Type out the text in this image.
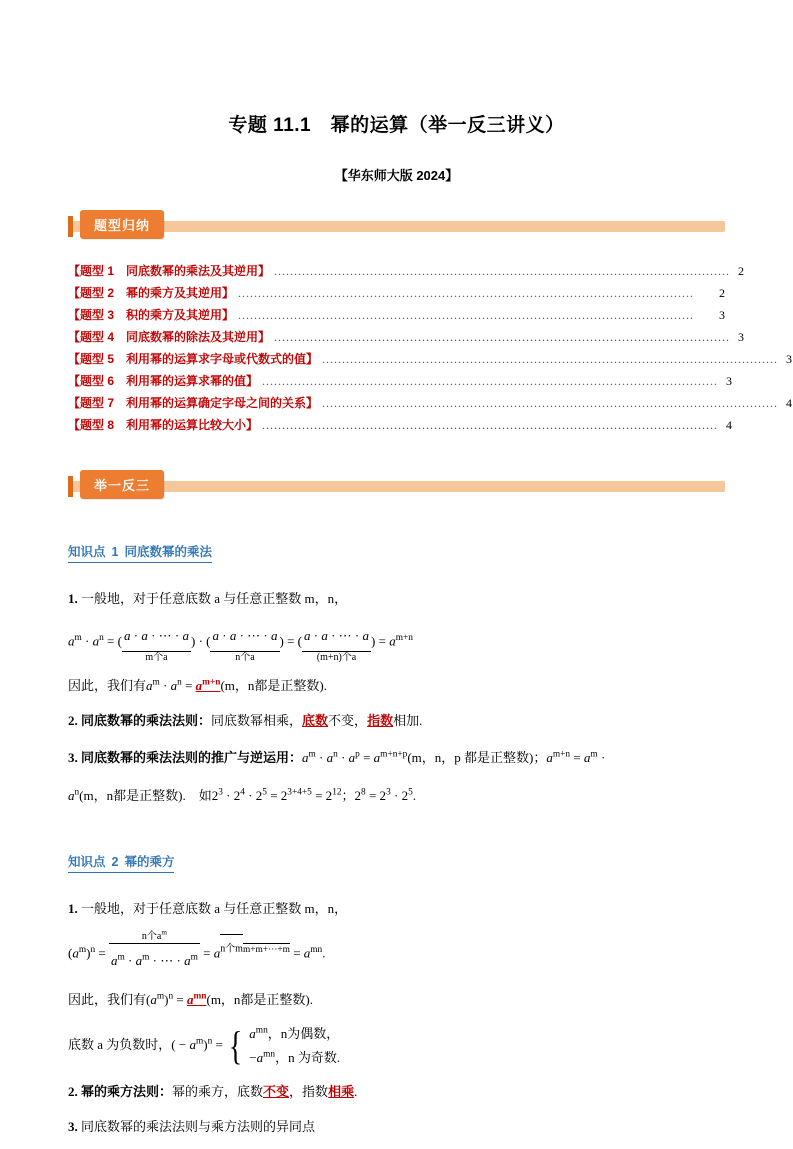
专题 11.1　幂的运算（举一反三讲义）
【华东师大版 2024】
题型归纳
【题型 1　同底数幂的乘法及其逆用】 .................................................................................................................. 2
【题型 2　幂的乘方及其逆用】 ..................................................................................................................	2
【题型 3　积的乘方及其逆用】 ..................................................................................................................	3
【题型 4　同底数幂的除法及其逆用】 .................................................................................................................. 3
【题型 5　利用幂的运算求字母或代数式的值】 .................................................................................................................. 3
【题型 6　利用幂的运算求幂的值】 .................................................................................................................. 3
【题型 7　利用幂的运算确定字母之间的关系】 .................................................................................................................. 4
【题型 8　利用幂的运算比较大小】 .................................................................................................................. 4
举一反三
知识点 1 同底数幂的乘法
1. 一般地，对于任意底数 a 与任意正整数 m，n，
$a^m \cdot a^n$ = ( a · a · ⋯ · a
m个a
) · ( a · a · ⋯ · a
n个a
) = ( a · a · ⋯ · a
(m+n)个a
) = $a^{m+n}$
因此，我们有$a^m \cdot a^n = a^{m+n}(m$，n都是正整数).
2. 同底数幂的乘法法则：同底数幂相乘，底数不变，指数相加.
3. 同底数幂的乘法法则的推广与逆运用：$a^m \cdot a^n \cdot a^p = a^{m+n+p}(m$，n，p 都是正整数)；$a^{m+n} = a^m$ ·
$a^n(m$，n都是正整数).　 如$2^3 \cdot 2^4 \cdot 2^5 = 2^{3+4+5} = 2^{12}$；$2^8 = 2^3 \cdot 2^5$.
知识点 2 幂的乘方
1. 一般地，对于任意底数 a 与任意正整数 m，n，
$(a^m)^n$ =
n个$a^m$
$a^m \cdot a^m$ · ⋯ · $a^m = a^{n个mm+m+\cdots+m} = a^{mn}$.
因此，我们有$(a^m)^n = a^{mn}(m$，n都是正整数).
底数 a 为负数时，( − $a^m)^n$ = { $a^{mn}$，n为偶数，
$-a^{mn}$，n 为奇数.
2. 幂的乘方法则：幂的乘方，底数不变，指数相乘.
3. 同底数幂的乘法法则与乘方法则的异同点
